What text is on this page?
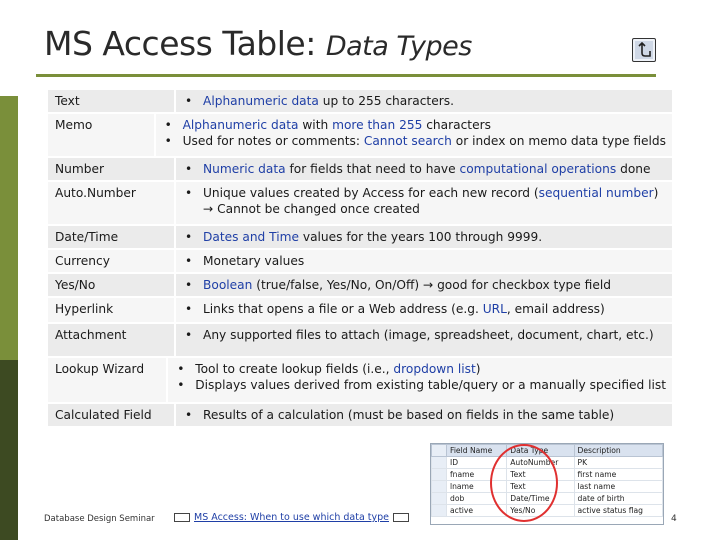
MS Access Table: Data Types
Text	• Alphanumeric data up to 255 characters.
Memo	• Alphanumeric data with more than 255 characters
• Used for notes or comments: Cannot search or index on memo data type fields
Number	• Numeric data for fields that need to have computational operations done
Auto.Number	• Unique values created by Access for each new record (sequential number)
→ Cannot be changed once created
Date/Time	• Dates and Time values for the years 100 through 9999.
Currency	• Monetary values
Yes/No	• Boolean (true/false, Yes/No, On/Off) → good for checkbox type field
Hyperlink	• Links that opens a file or a Web address (e.g. URL, email address)
Attachment	• Any supported files to attach (image, spreadsheet, document, chart, etc.)
Lookup Wizard	• Tool to create lookup fields (i.e., dropdown list)
• Displays values derived from existing table/query or a manually specified list
Calculated Field	• Results of a calculation (must be based on fields in the same table)
	Field Name	Data Type	Description
	ID	AutoNumber	PK
	fname	Text	first name
	lname	Text	last name
	dob	Date/Time	date of birth
	active	Yes/No	active status flag
Database Design Seminar	MS Access: When to use which data type	4
